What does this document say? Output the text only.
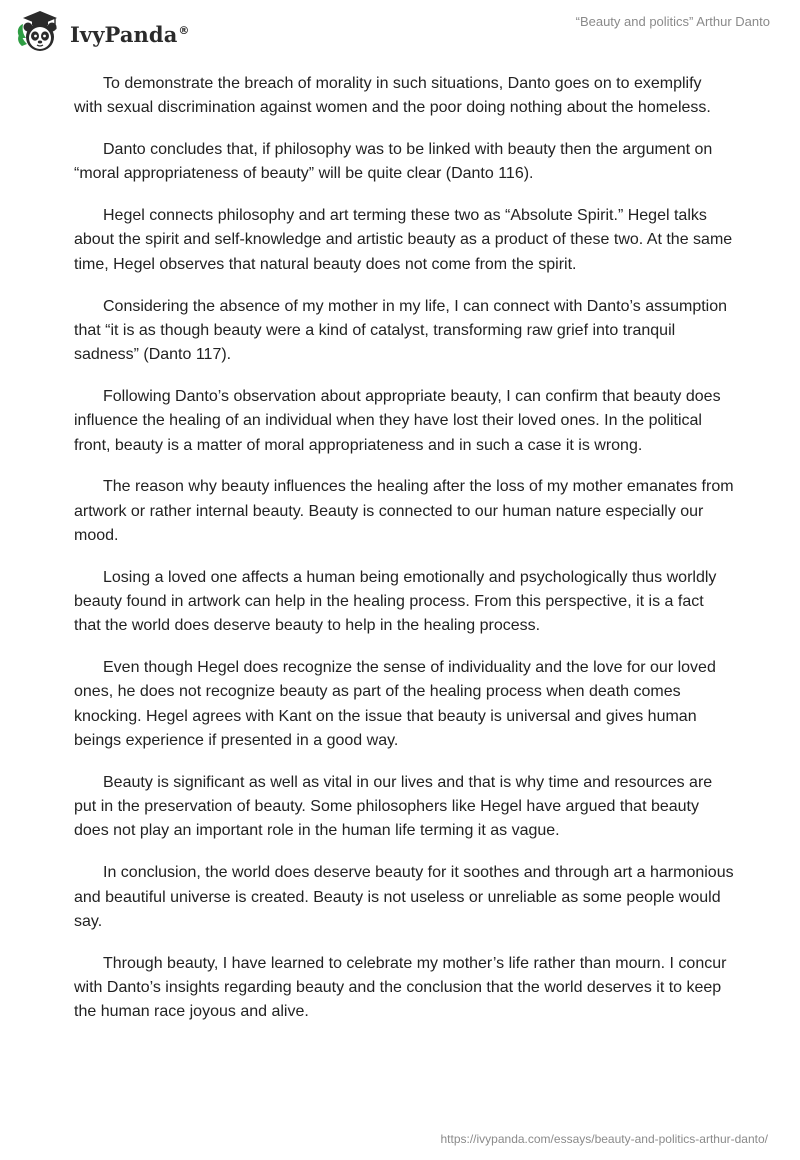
IvyPanda®
“Beauty and politics” Arthur Danto

To demonstrate the breach of morality in such situations, Danto goes on to exemplify with sexual discrimination against women and the poor doing nothing about the homeless.

Danto concludes that, if philosophy was to be linked with beauty then the argument on “moral appropriateness of beauty” will be quite clear (Danto 116).

Hegel connects philosophy and art terming these two as “Absolute Spirit.” Hegel talks about the spirit and self-knowledge and artistic beauty as a product of these two. At the same time, Hegel observes that natural beauty does not come from the spirit.

Considering the absence of my mother in my life, I can connect with Danto’s assumption that “it is as though beauty were a kind of catalyst, transforming raw grief into tranquil sadness” (Danto 117).

Following Danto’s observation about appropriate beauty, I can confirm that beauty does influence the healing of an individual when they have lost their loved ones. In the political front, beauty is a matter of moral appropriateness and in such a case it is wrong.

The reason why beauty influences the healing after the loss of my mother emanates from artwork or rather internal beauty. Beauty is connected to our human nature especially our mood.

Losing a loved one affects a human being emotionally and psychologically thus worldly beauty found in artwork can help in the healing process. From this perspective, it is a fact that the world does deserve beauty to help in the healing process.

Even though Hegel does recognize the sense of individuality and the love for our loved ones, he does not recognize beauty as part of the healing process when death comes knocking. Hegel agrees with Kant on the issue that beauty is universal and gives human beings experience if presented in a good way.

Beauty is significant as well as vital in our lives and that is why time and resources are put in the preservation of beauty. Some philosophers like Hegel have argued that beauty does not play an important role in the human life terming it as vague.

In conclusion, the world does deserve beauty for it soothes and through art a harmonious and beautiful universe is created. Beauty is not useless or unreliable as some people would say.

Through beauty, I have learned to celebrate my mother’s life rather than mourn. I concur with Danto’s insights regarding beauty and the conclusion that the world deserves it to keep the human race joyous and alive.

https://ivypanda.com/essays/beauty-and-politics-arthur-danto/
